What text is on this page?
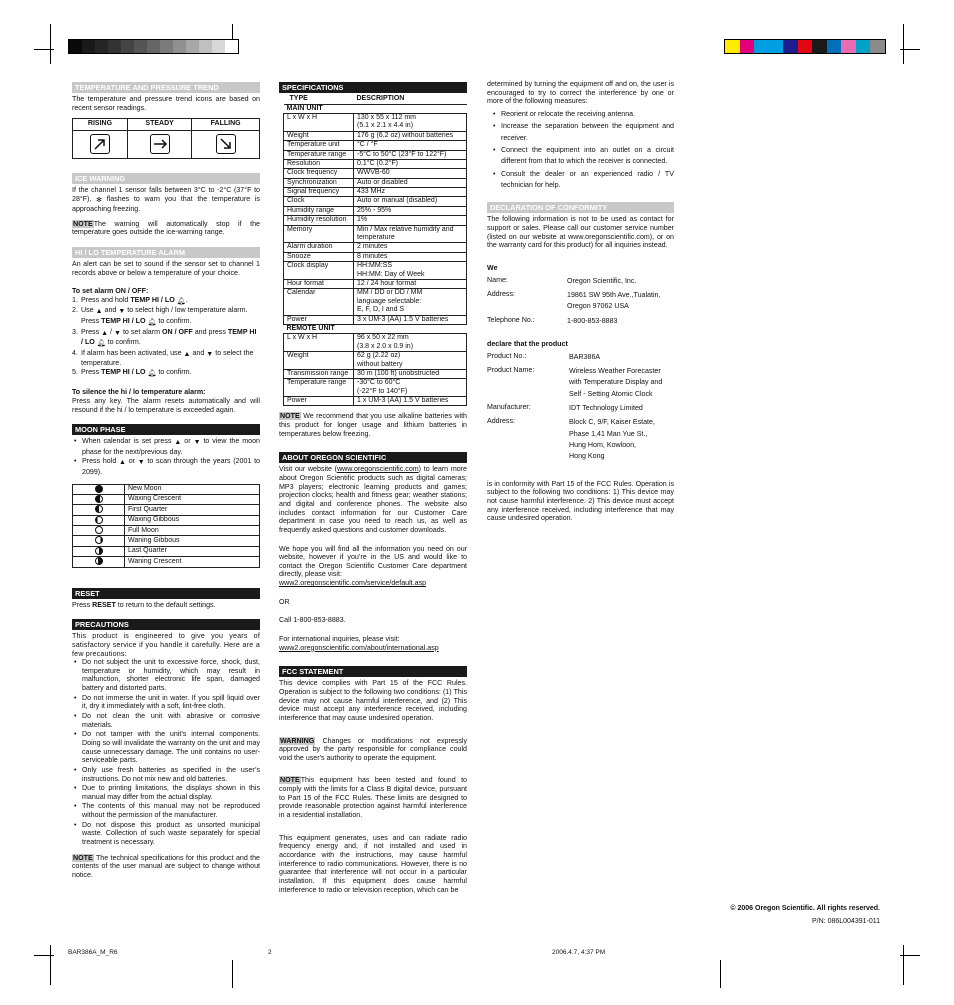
TEMPERATURE AND PRESSURE TREND

The temperature and pressure trend icons are based on recent sensor readings.

RISING	STEADY	FALLING

ICE WARNING

If the channel 1 sensor falls between 3°C to -2°C (37°F to 28°F), ✻ flashes to warn you that the temperature is approaching freezing.

NOTEThe warning will automatically stop if the temperature goes outside the ice-warning range.

HI / LO TEMPERATURE ALARM

An alert can be set to sound if the sensor set to channel 1 records above or below a temperature of your choice.

To set alarm ON / OFF:

1. Press and hold TEMP HI / LO 🔔︎.
2. Use ▲ and ▼ to select high / low temperature alarm. Press TEMP HI / LO 🔔︎ to confirm.
3. Press ▲ / ▼ to set alarm ON / OFF and press TEMP HI / LO 🔔︎ to confirm.
4. If alarm has been activated, use ▲ and ▼ to select the temperature.
5. Press TEMP HI / LO 🔔︎ to confirm.

To silence the hi / lo temperature alarm:

Press any key. The alarm resets automatically and will resound if the hi / lo temperature is exceeded again.

MOON PHASE
• When calendar is set press ▲ or ▼ to view the moon phase for the next/previous day.
• Press hold ▲ or ▼ to scan through the years (2001 to 2099).
	New Moon
	Waxing Crescent
	First Quarter
	Waxing Gibbous
	Full Moon
	Waning Gibbous
	Last Quarter
	Waning Crescent
RESET

Press RESET to return to the default settings.

PRECAUTIONS

This product is engineered to give you years of satisfactory service if you handle it carefully. Here are a few precautions:

• Do not subject the unit to excessive force, shock, dust, temperature or humidity, which may result in malfunction, shorter electronic life span, damaged battery and distorted parts.
• Do not immerse the unit in water. If you spill liquid over it, dry it immediately with a soft, lint-free cloth.
• Do not clean the unit with abrasive or corrosive materials.
• Do not tamper with the unit’s internal components. Doing so will invalidate the warranty on the unit and may cause unnecessary damage. The unit contains no user-serviceable parts.
• Only use fresh batteries as specified in the user’s instructions. Do not mix new and old batteries.
• Due to printing limitations, the displays shown in this manual may differ from the actual display.
• The contents of this manual may not be reproduced without the permission of the manufacturer.
• Do not dispose this product as unsorted municipal waste. Collection of such waste separately for special treatment is necessary.

NOTE The technical specifications for this product and the contents of the user manual are subject to change without notice.

SPECIFICATIONS
TYPE	DESCRIPTION
MAIN UNIT	
L x W x H	130 x 55 x 112 mm
(5.1 x 2.1 x 4.4 in)
Weight	176 g (6.2 oz) without batteries
Temperature unit	°C / °F
Temperature range	-5°C to 50°C (23°F to 122°F)
Resolution	0.1°C (0.2°F)
Clock frequency	WWVB-60
Synchronization	Auto or disabled
Signal frequency	433 MHz
Clock	Auto or manual (disabled)
Humidity range	25% - 95%
Humidity resolution	1%
Memory	Min / Max relative humidity and temperature
Alarm duration	2 minutes
Snooze	8 minutes
Clock display	HH:MM:SS
HH:MM: Day of Week
Hour format	12 / 24 hour format
Calendar	MM / DD or DD / MM
language selectable:
E, F, D, I and S
Power	3 x UM-3 (AA) 1.5 V batteries
REMOTE UNIT	
L x W x H	96 x 50 x 22 mm
(3.8 x 2.0 x 0.9 in)
Weight	62 g (2.22 oz)
without battery
Transmission range	30 m (100 ft) unobstructed
Temperature range	-30°C to 60°C
(-22°F to 140°F)
Power	1 x UM-3 (AA) 1.5 V batteries

NOTE We recommend that you use alkaline batteries with this product for longer usage and lithium batteries in temperatures below freezing.

ABOUT OREGON SCIENTIFIC

Visit our website (www.oregonscientific.com) to learn more about Oregon Scientific products such as digital cameras; MP3 players; electronic learning products and games; projection clocks; health and fitness gear; weather stations; and digital and conference phones. The website also includes contact information for our Customer Care department in case you need to reach us, as well as frequently asked questions and customer downloads.

We hope you will find all the information you need on our website, however if you’re in the US and would like to contact the Oregon Scientific Customer Care department directly, please visit:

www2.oregonscientific.com/service/default.asp

OR

Call 1-800-853-8883.

For international inquiries, please visit:

www2.oregonscientific.com/about/international.asp

FCC STATEMENT

This device complies with Part 15 of the FCC Rules. Operation is subject to the following two conditions: (1) This device may not cause harmful interference, and (2) This device must accept any interference received, including interference that may cause undesired operation.

WARNING Changes or modifications not expressly approved by the party responsible for compliance could void the user's authority to operate the equipment.

NOTEThis equipment has been tested and found to comply with the limits for a Class B digital device, pursuant to Part 15 of the FCC Rules. These limits are designed to provide reasonable protection against harmful interference in a residential installation.

This equipment generates, uses and can radiate radio frequency energy and, if not installed and used in accordance with the instructions, may cause harmful interference to radio communications. However, there is no guarantee that interference will not occur in a particular installation. If this equipment does cause harmful interference to radio or television reception, which can be

determined by turning the equipment off and on, the user is encouraged to try to correct the interference by one or more of the following measures:

• Reorient or relocate the receiving antenna.
• Increase the separation between the equipment and receiver.
• Connect the equipment into an outlet on a circuit different from that to which the receiver is connected.
• Consult the dealer or an experienced radio / TV technician for help.
DECLARATION OF CONFORMITY

The following information is not to be used as contact for support or sales. Please call our customer service number (listed on our website at www.oregonscientific.com), or on the warranty card for this product) for all inquiries instead.

We

Name:	Oregon Scientific, Inc.
Address:	19861 SW 95th Ave.,Tualatin,
Oregon 97062 USA
Telephone No.:	1-800-853-8883

declare that the product

Product No.:	BAR386A
Product Name:	Wireless Weather Forecaster
with Temperature Display and
Self - Setting Atomic Clock
Manufacturer:	IDT Technology Limited
Address:	Block C, 9/F, Kaiser Estate,
Phase 1,41 Man Yue St.,
Hung Hom, Kowloon,
Hong Kong

is in conformity with Part 15 of the FCC Rules. Operation is subject to the following two conditions: 1) This device may not cause harmful interference. 2) This device must accept any interference received, including interference that may cause undesired operation.

© 2006 Oregon Scientific. All rights reserved.
P/N: 086L004391-011
BAR386A_M_R6	2	2006.4.7, 4:37 PM
